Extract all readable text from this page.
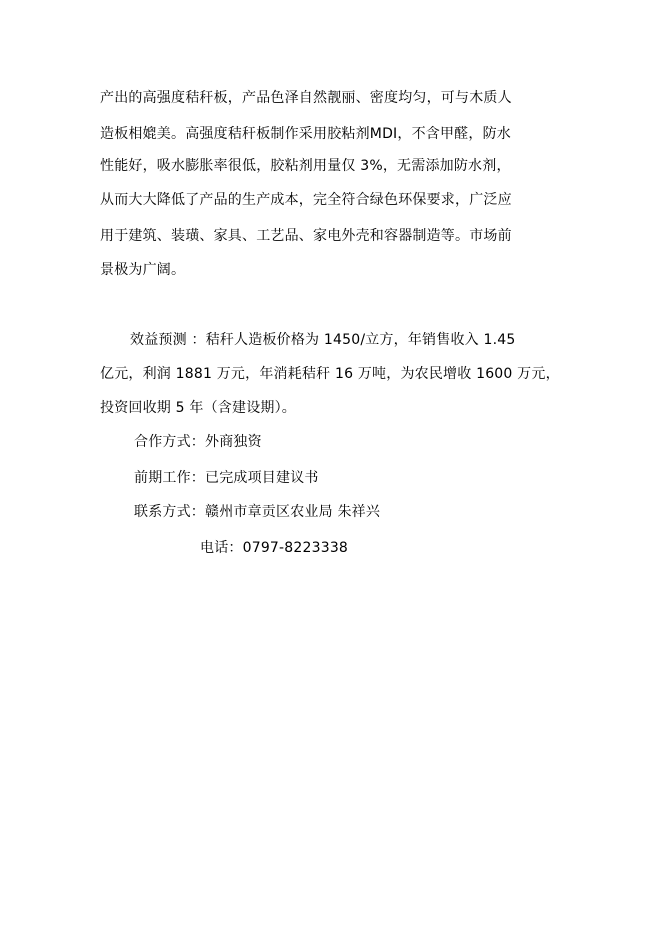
产出的高强度秸秆板，产品色泽自然靓丽、密度均匀，可与木质人
造板相媲美。高强度秸秆板制作采用胶粘剂MDI，不含甲醛，防水
性能好，吸水膨胀率很低，胶粘剂用量仅 3%，无需添加防水剂，
从而大大降低了产品的生产成本，完全符合绿色环保要求，广泛应
用于建筑、装璜、家具、工艺品、家电外壳和容器制造等。市场前
景极为广阔。
效益预测 ：秸秆人造板价格为 1450/立方，年销售收入 1.45
亿元，利润 1881 万元，年消耗秸秆 16 万吨，为农民增收 1600 万元，
投资回收期 5 年（含建设期）。
合作方式：外商独资
前期工作：已完成项目建议书
联系方式：赣州市章贡区农业局 朱祥兴
电话：0797-8223338
